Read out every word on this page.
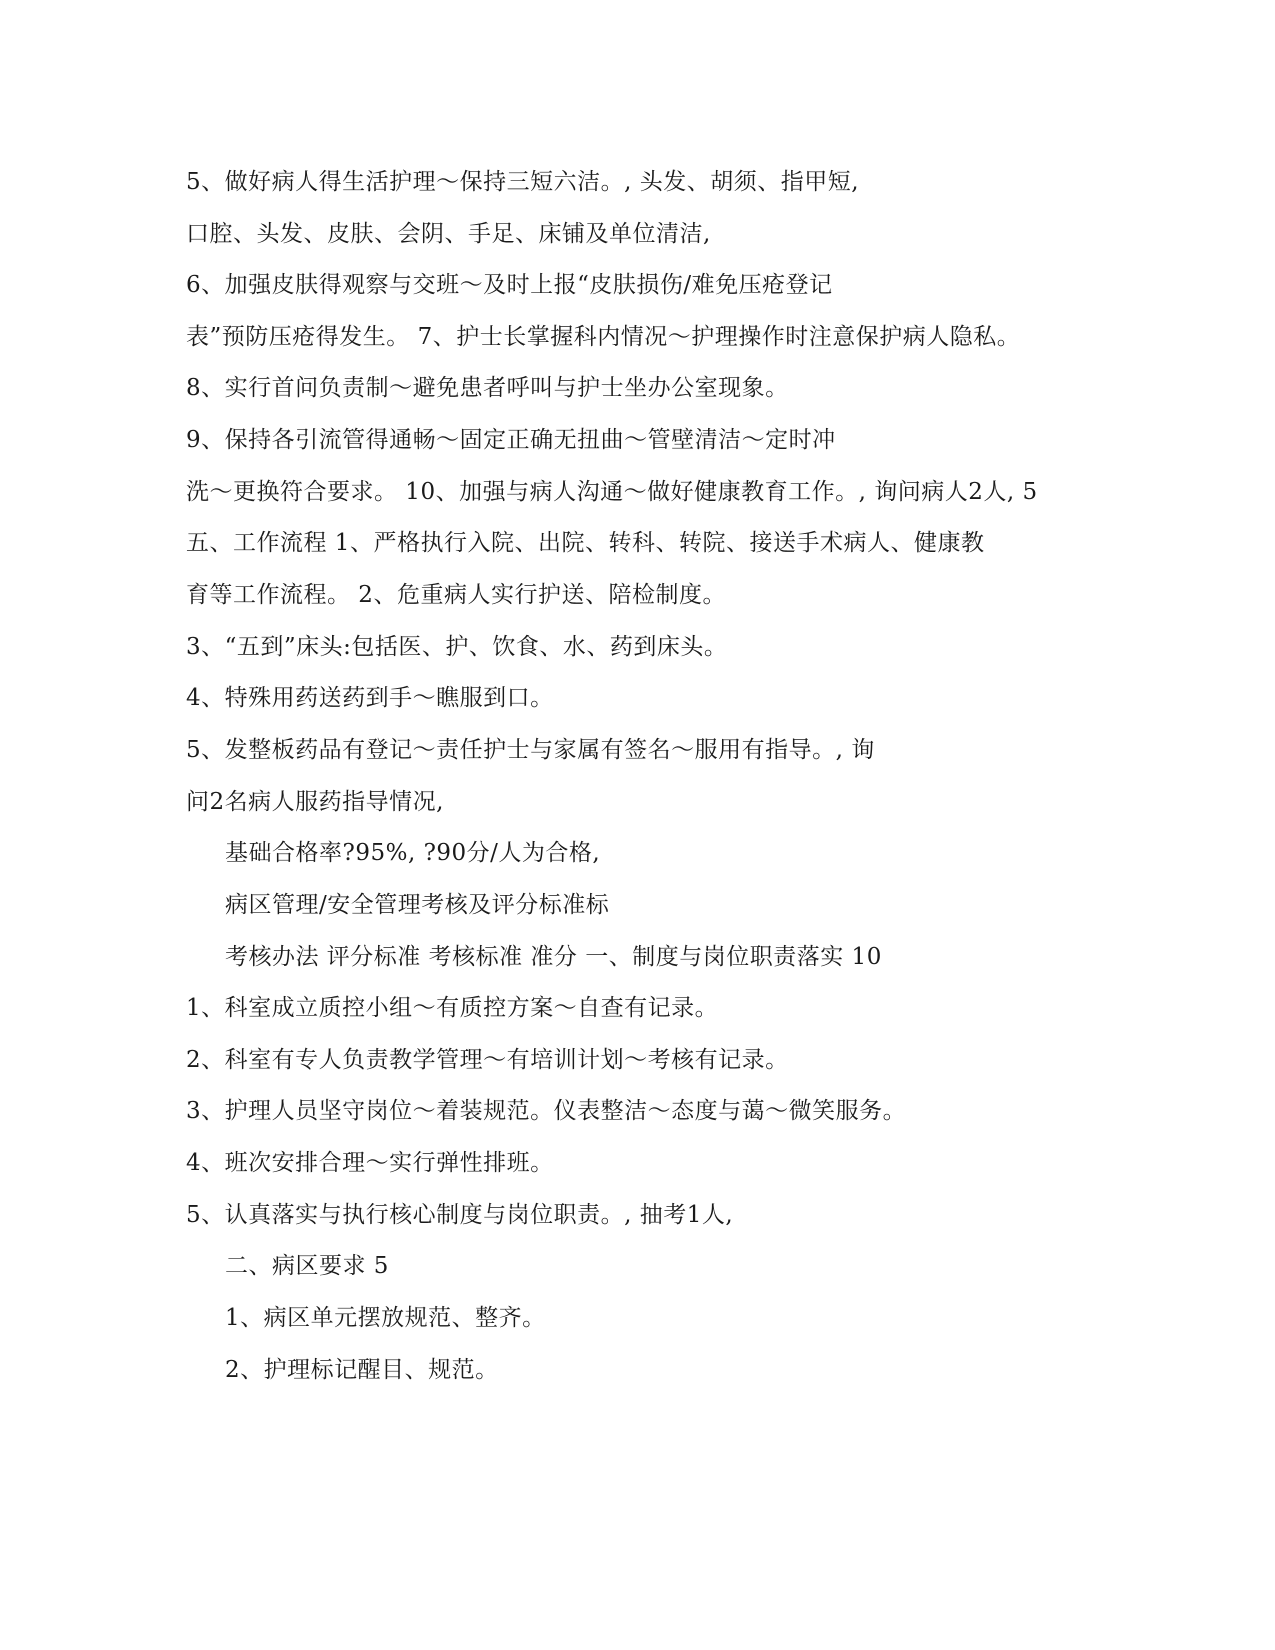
5、做好病人得生活护理～保持三短六洁。, 头发、胡须、指甲短,

口腔、头发、皮肤、会阴、手足、床铺及单位清洁,

6、加强皮肤得观察与交班～及时上报“皮肤损伤/难免压疮登记

表”预防压疮得发生。 7、护士长掌握科内情况～护理操作时注意保护病人隐私。

8、实行首问负责制～避免患者呼叫与护士坐办公室现象。

9、保持各引流管得通畅～固定正确无扭曲～管壁清洁～定时冲

洗～更换符合要求。 10、加强与病人沟通～做好健康教育工作。, 询问病人2人, 5

五、工作流程 1、严格执行入院、出院、转科、转院、接送手术病人、健康教

育等工作流程。 2、危重病人实行护送、陪检制度。

3、“五到”床头:包括医、护、饮食、水、药到床头。

4、特殊用药送药到手～瞧服到口。

5、发整板药品有登记～责任护士与家属有签名～服用有指导。, 询

问2名病人服药指导情况,

基础合格率?95%, ?90分/人为合格,

病区管理/安全管理考核及评分标准标

考核办法 评分标准 考核标准 准分 一、制度与岗位职责落实 10

1、科室成立质控小组～有质控方案～自查有记录。

2、科室有专人负责教学管理～有培训计划～考核有记录。

3、护理人员坚守岗位～着装规范。仪表整洁～态度与蔼～微笑服务。

4、班次安排合理～实行弹性排班。

5、认真落实与执行核心制度与岗位职责。, 抽考1人,

二、病区要求 5

1、病区单元摆放规范、整齐。

2、护理标记醒目、规范。
